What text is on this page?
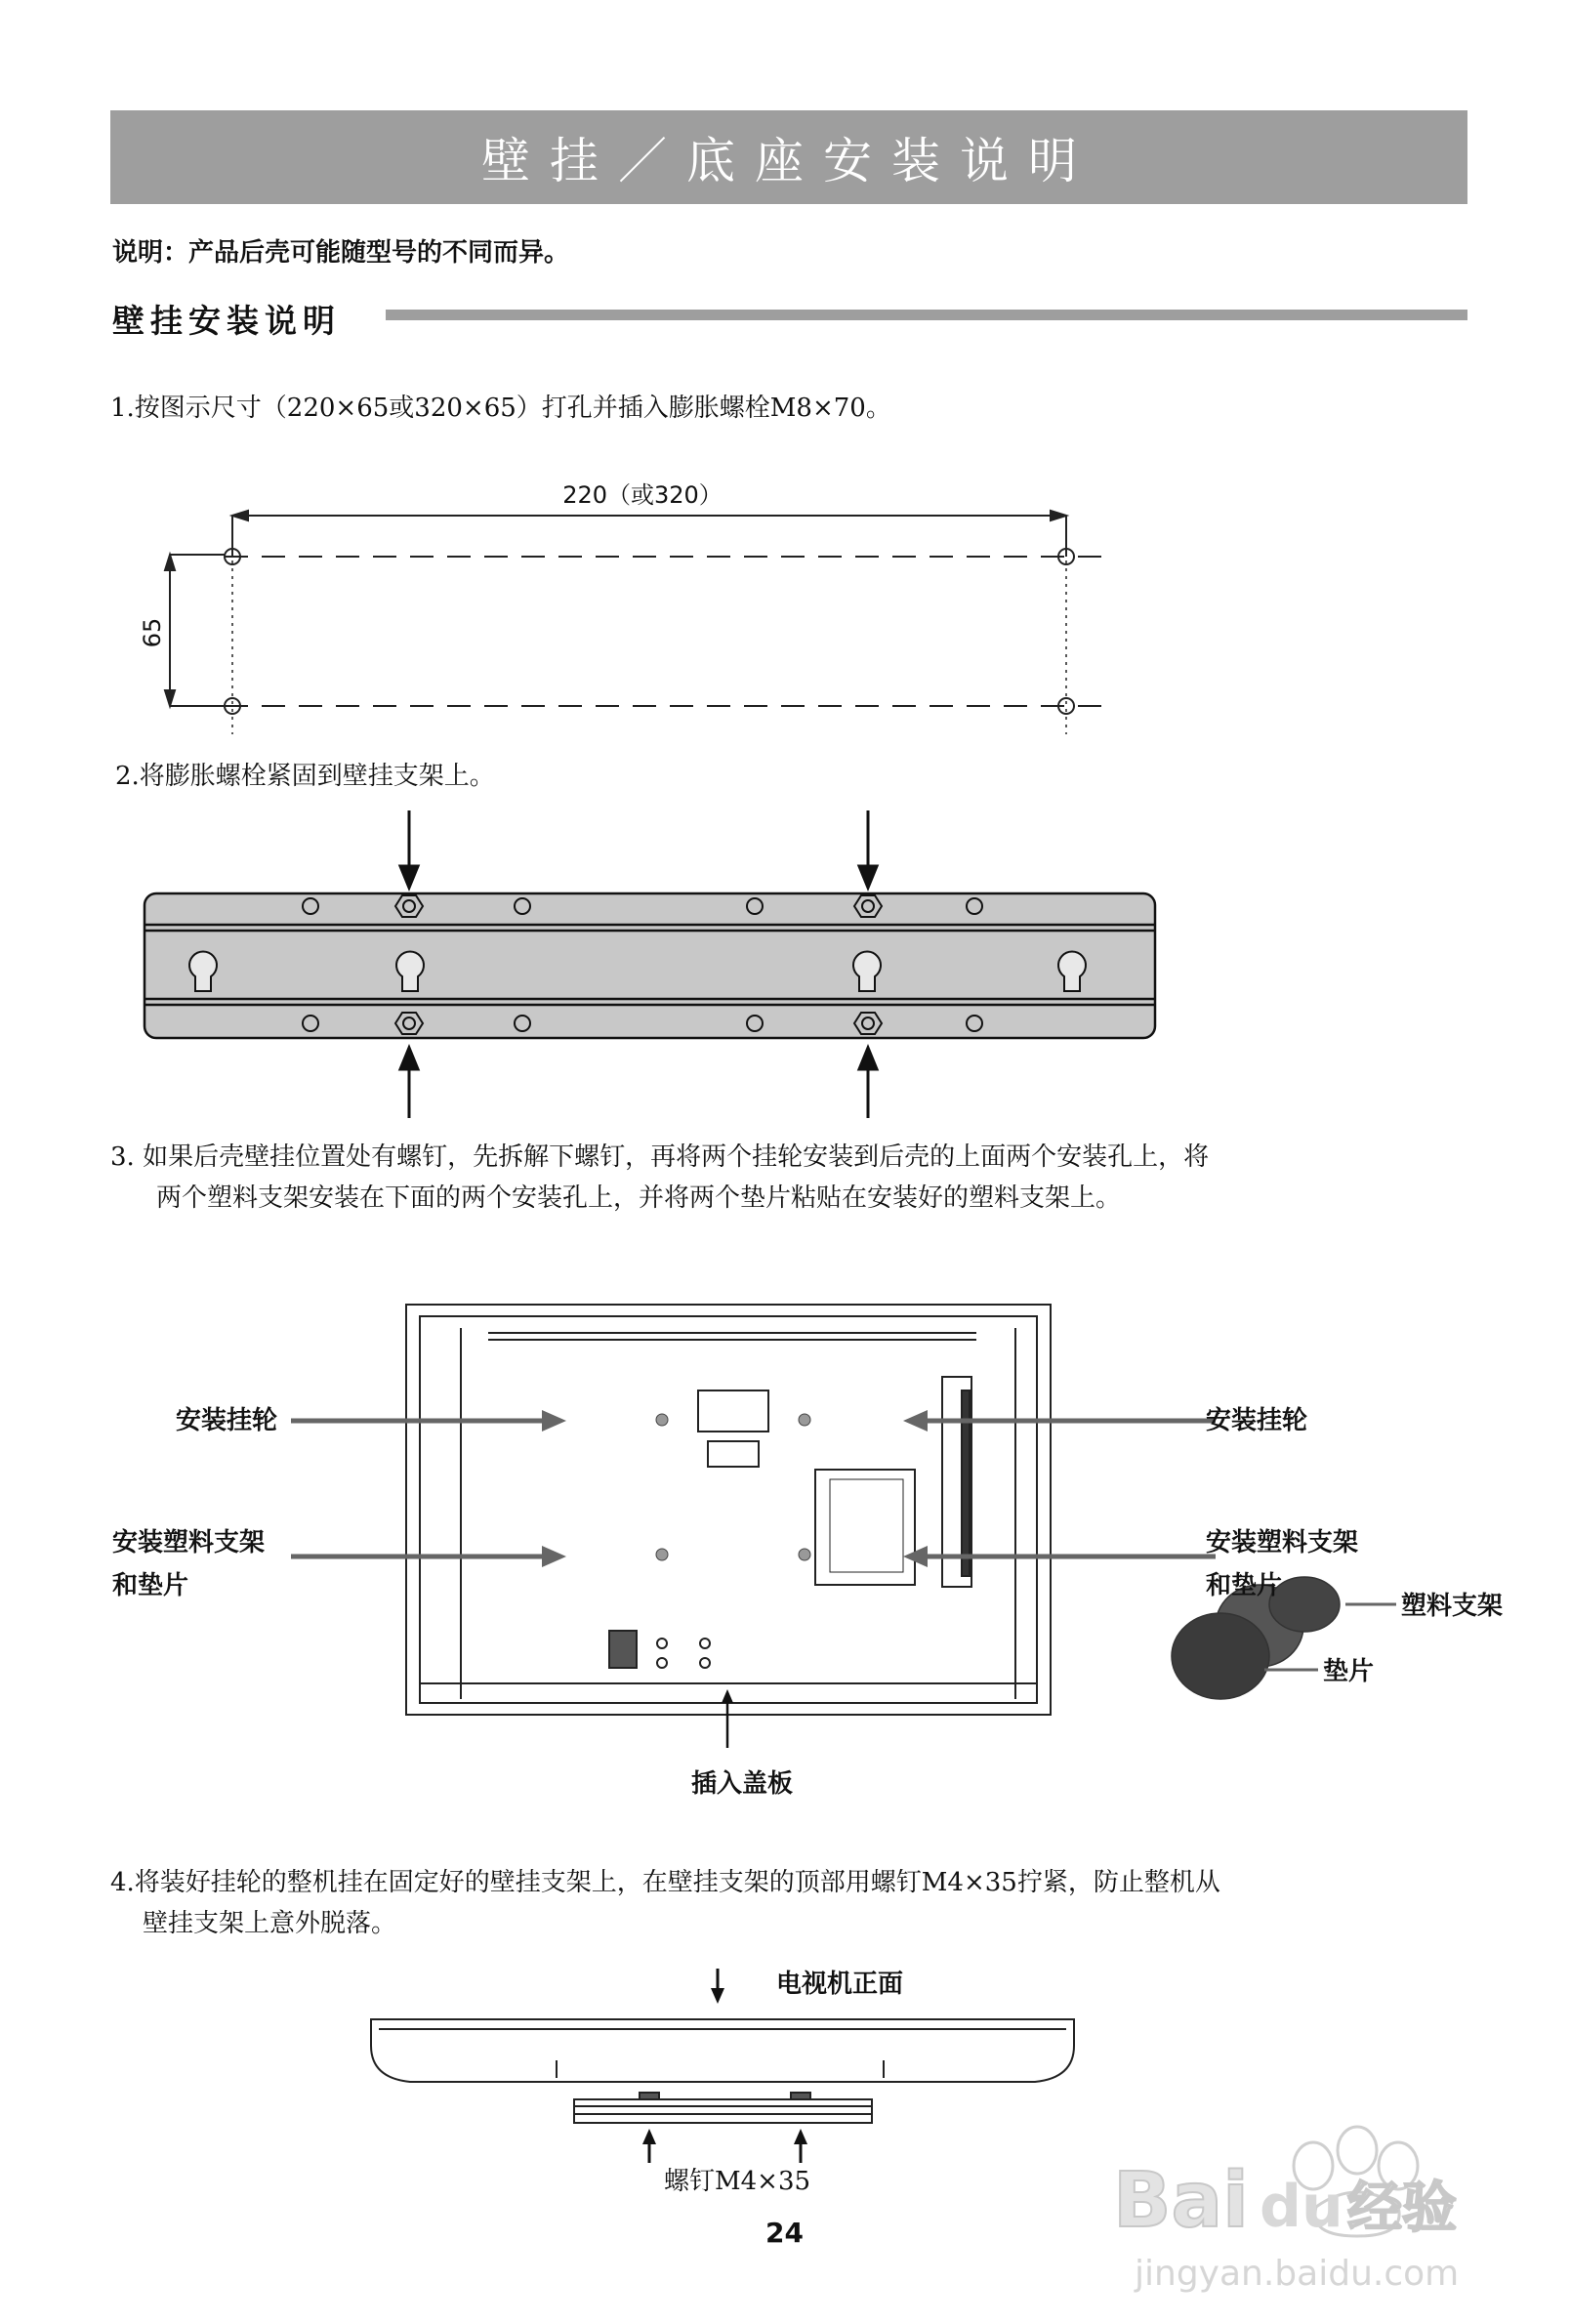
壁挂／底座安装说明
说明：产品后壳可能随型号的不同而异。
壁挂安装说明
1.按图示尺寸（220×65或320×65）打孔并插入膨胀螺栓M8×70。
220（或320）
65
2.将膨胀螺栓紧固到壁挂支架上。
3. 如果后壳壁挂位置处有螺钉，先拆解下螺钉，再将两个挂轮安装到后壳的上面两个安装孔上，将
两个塑料支架安装在下面的两个安装孔上，并将两个垫片粘贴在安装好的塑料支架上。
安装挂轮	安装挂轮
安装塑料支架
和垫片
安装塑料支架
和垫片
插入盖板
塑料支架
垫片
4.将装好挂轮的整机挂在固定好的壁挂支架上，在壁挂支架的顶部用螺钉M4×35拧紧，防止整机从
壁挂支架上意外脱落。
电视机正面
螺钉M4×35
24	Bai du 经验
jingyan.baidu.com
